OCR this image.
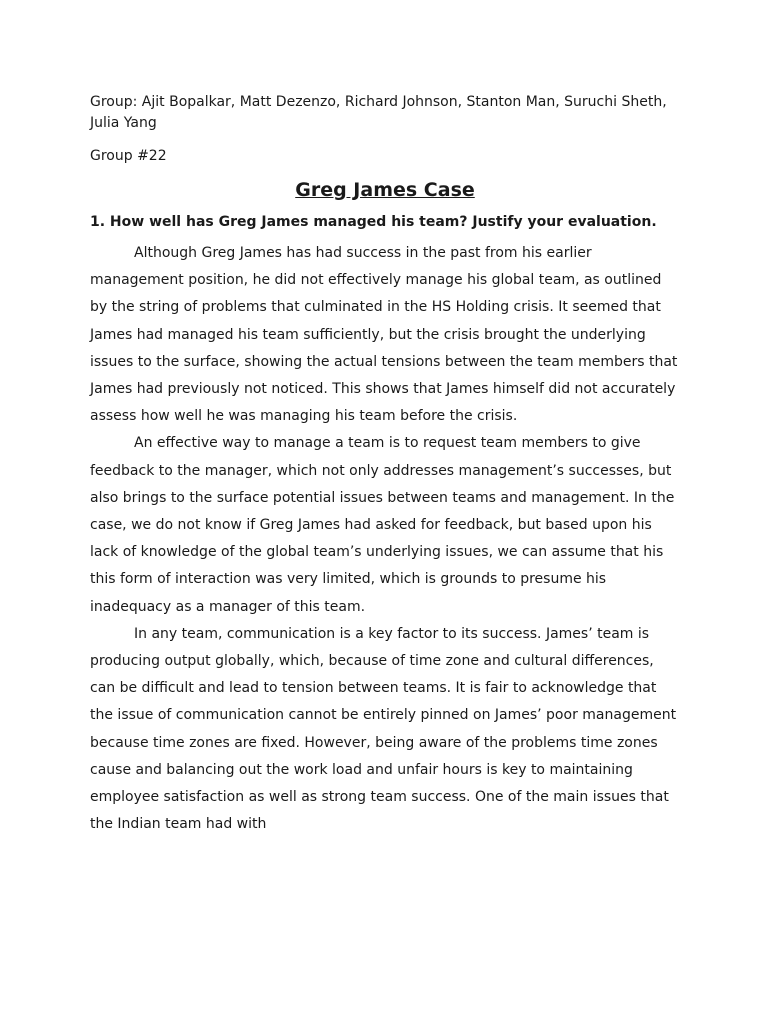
Group: Ajit Bopalkar, Matt Dezenzo, Richard Johnson, Stanton Man, Suruchi Sheth, Julia Yang

Group #22

Greg James Case

1. How well has Greg James managed his team? Justify your evaluation.

Although Greg James has had success in the past from his earlier management position, he did not effectively manage his global team, as outlined by the string of problems that culminated in the HS Holding crisis. It seemed that James had managed his team sufficiently, but the crisis brought the underlying issues to the surface, showing the actual tensions between the team members that James had previously not noticed. This shows that James himself did not accurately assess how well he was managing his team before the crisis.

An effective way to manage a team is to request team members to give feedback to the manager, which not only addresses management’s successes, but also brings to the surface potential issues between teams and management. In the case, we do not know if Greg James had asked for feedback, but based upon his lack of knowledge of the global team’s underlying issues, we can assume that his this form of interaction was very limited, which is grounds to presume his inadequacy as a manager of this team.

In any team, communication is a key factor to its success. James’ team is producing output globally, which, because of time zone and cultural differences, can be difficult and lead to tension between teams. It is fair to acknowledge that the issue of communication cannot be entirely pinned on James’ poor management because time zones are fixed. However, being aware of the problems time zones cause and balancing out the work load and unfair hours is key to maintaining employee satisfaction as well as strong team success. One of the main issues that the Indian team had with
